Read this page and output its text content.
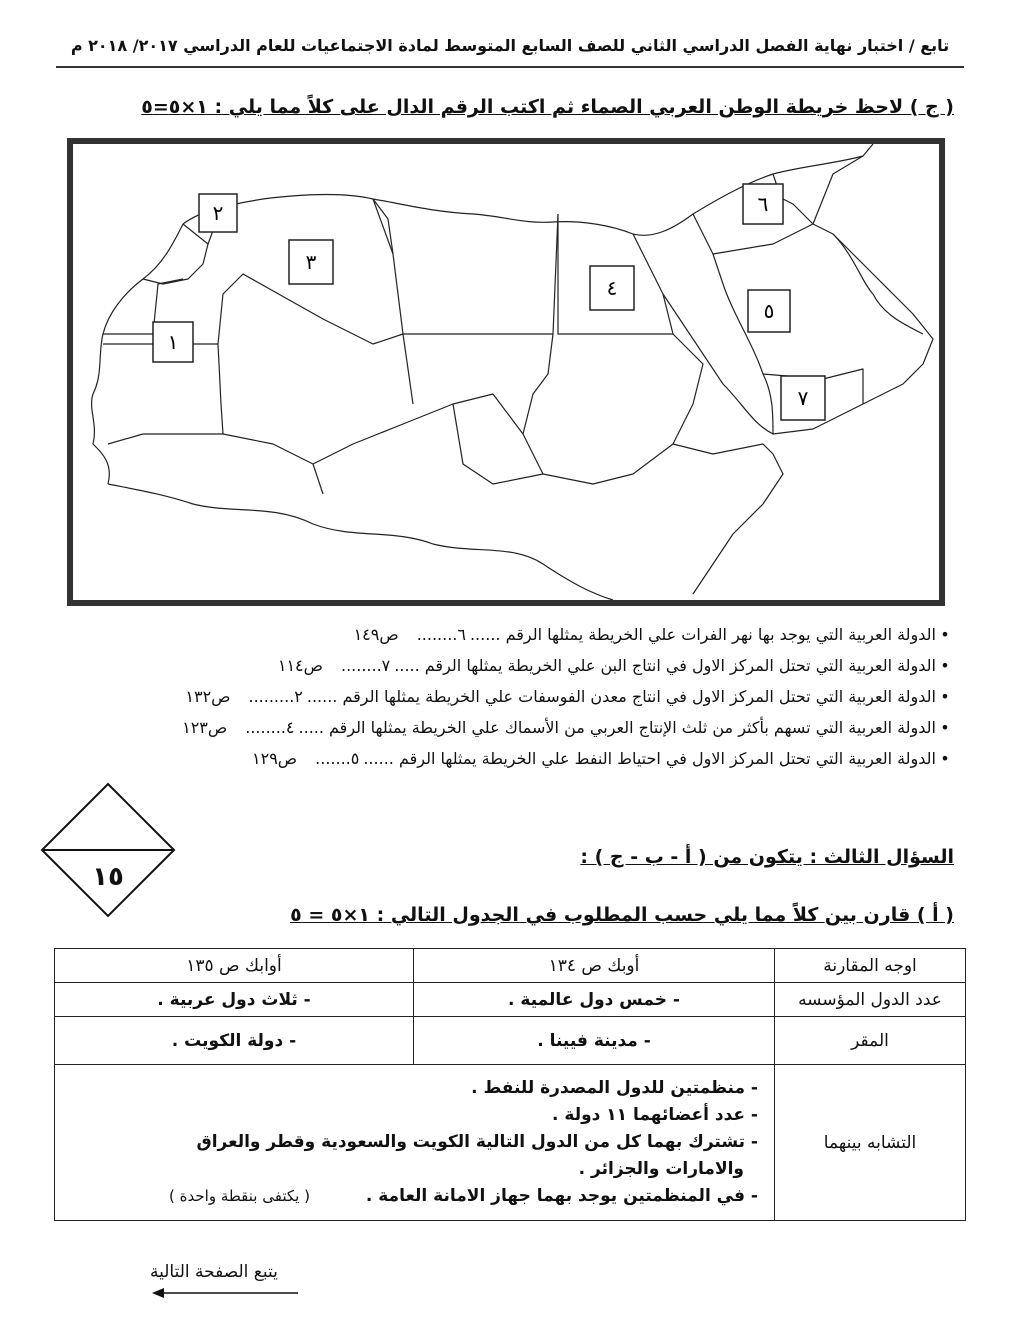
تابع / اختبار نهاية الفصل الدراسي الثاني للصف السابع المتوسط لمادة الاجتماعيات للعام الدراسي ٢٠١٧/ ٢٠١٨ م
( ج ) لاحظ خريطة الوطن العربي الصماء ثم اكتب الرقم الدال على كلاً مما يلي : ١×٥=٥
١
٢
٣
٤
٥
٦
٧
•الدولة العربية التي يوجد بها نهر الفرات علي الخريطة يمثلها الرقم ......٦........ص١٤٩
•الدولة العربية التي تحتل المركز الاول في انتاج البن علي الخريطة يمثلها الرقم .....٧........ص١١٤
•الدولة العربية التي تحتل المركز الاول في انتاج معدن الفوسفات علي الخريطة يمثلها الرقم ......٢.........ص١٣٢
•الدولة العربية التي تسهم بأكثر من ثلث الإنتاج العربي من الأسماك علي الخريطة يمثلها الرقم .....٤........ص١٢٣
•الدولة العربية التي تحتل المركز الاول في احتياط النفط علي الخريطة يمثلها الرقم ......٥.......ص١٢٩
١٥
السؤال الثالث : يتكون من ( أ - ب - ج ) :
( أ ) قارن بين كلاً مما يلي حسب المطلوب في الجدول التالي : ١×٥ = ٥
اوجه المقارنة	أوبك ص ١٣٤	أوابك ص ١٣٥
عدد الدول المؤسسه	- خمس دول عالمية .	- ثلاث دول عربية .
المقر	- مدينة فيينا .	- دولة الكويت .
التشابه بينهما	- منظمتين للدول المصدرة للنفط .
- عدد أعضائهما ١١ دولة .
- تشترك بهما كل من الدول التالية الكويت والسعودية وقطر والعراق
والامارات والجزائر .
- في المنظمتين يوجد بهما جهاز الامانة العامة . ( يكتفى بنقطة واحدة )	
يتبع الصفحة التالية
